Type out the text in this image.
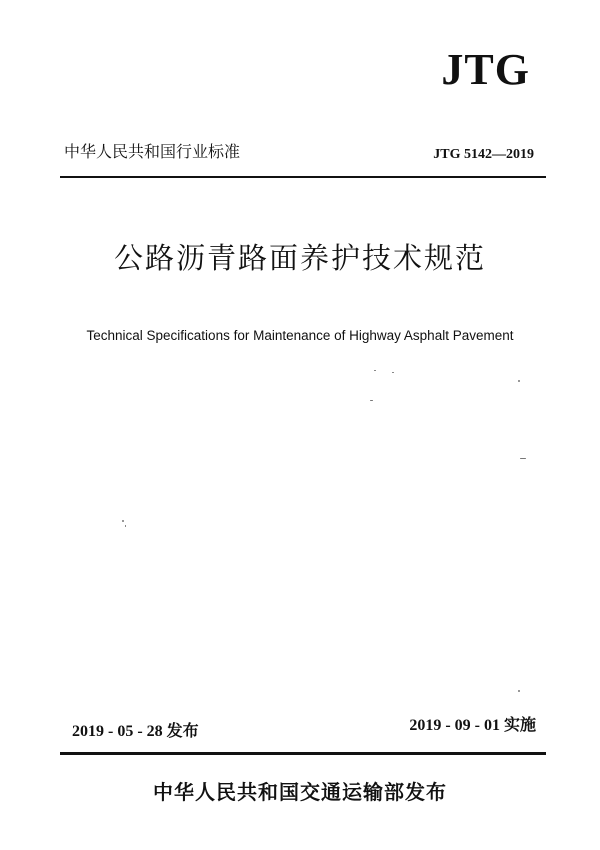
JTG
中华人民共和国行业标准	JTG 5142—2019
公路沥青路面养护技术规范
Technical Specifications for Maintenance of Highway Asphalt Pavement
2019 - 05 - 28 发布	2019 - 09 - 01 实施
中华人民共和国交通运输部发布
